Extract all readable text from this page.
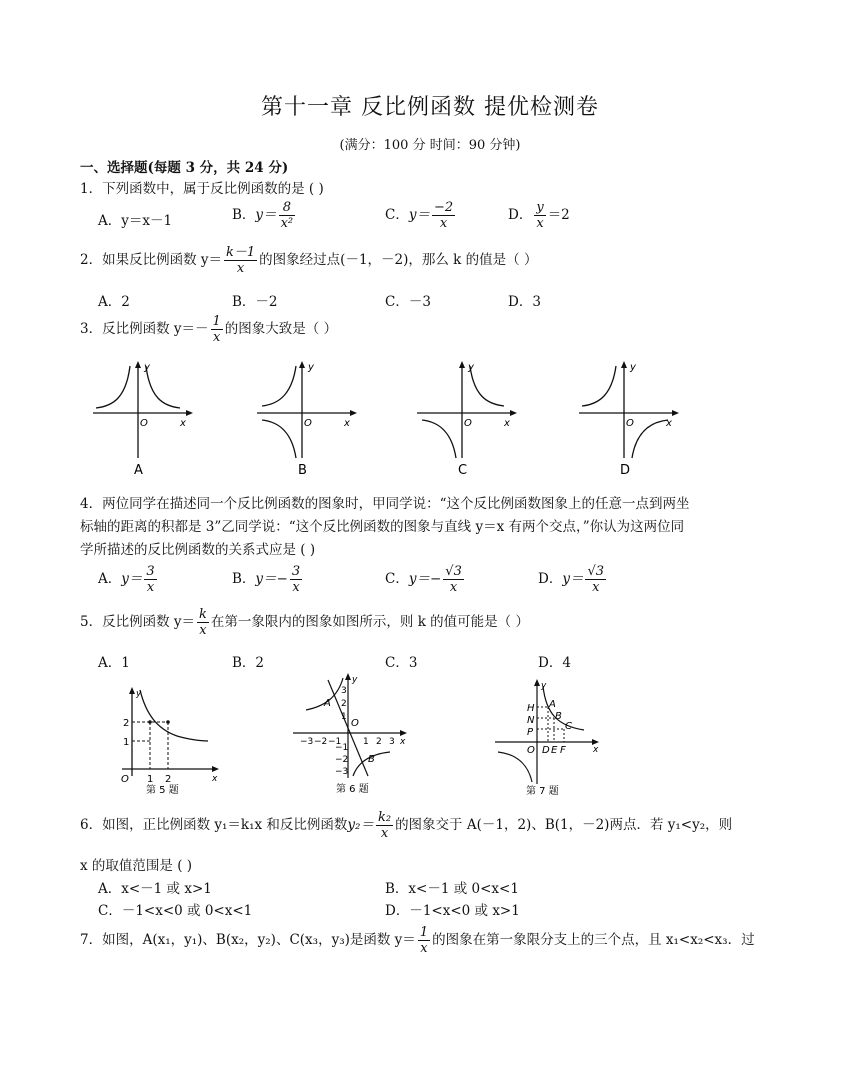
第十一章 反比例函数 提优检测卷
(满分：100 分 时间：90 分钟)
一、选择题(每题 3 分，共 24 分)
1．下列函数中，属于反比例函数的是 ( )
A．y＝x－1	B．$y= \frac{8}{\text{x²}}$	C．$y= \frac{-2}{x}$	D． $\frac{y}{x} =2$
2．如果反比例函数 $y= \frac{k-1}{x}$ 的图象经过点(－1，－2)，那么 k 的值是（ ）
A．2	B．－2	C．－3	D．3
3．反比例函数 $y=- \frac{1}{x}$ 的图象大致是（ ）
y
O	x
A
y
O	x
B
y
O	x
C
y
O	x
D
4．两位同学在描述同一个反比例函数的图象时，甲同学说：“这个反比例函数图象上的任意一点到两坐
标轴的距离的积都是 3”乙同学说：“这个反比例函数的图象与直线 y＝x 有两个交点，”你认为这两位同
学所描述的反比例函数的关系式应是 ( )
A．$y= \frac{3}{x}$	B．$y=- \frac{3}{x}$	C．$y=- \frac{√3}{x}$	D．$y= \frac{√3}{x}$
5．反比例函数 $y= \frac{k}{x}$ 在第一象限内的图象如图所示，则 k 的值可能是（ ）
A．1	B．2	C．3	D．4
y
x
O
2
1
1 2
第 5 题
y
x
O
A
B
−3 −2 −1 1 2 3
3
2
1
−1
−2
−3
第 6 题
y
x
O
A
B
C
H
N
P
D E F
第 7 题
6．如图，正比例函数 y₁＝k₁x 和反比例函数$y_2= \frac{\text{k₂}}{x}$ 的图象交于 A(－1，2)、B(1，－2)两点．若 y₁<y₂，则
x 的取值范围是 ( )
A．x<－1 或 x>1	B．x<－1 或 0<x<1
C．－1<x<0 或 0<x<1	D．－1<x<0 或 x>1
7．如图，A(x₁，y₁)、B(x₂，y₂)、C(x₃，y₃)是函数 $y= \frac{1}{x}$ 的图象在第一象限分支上的三个点，且 x₁<x₂<x₃．过
